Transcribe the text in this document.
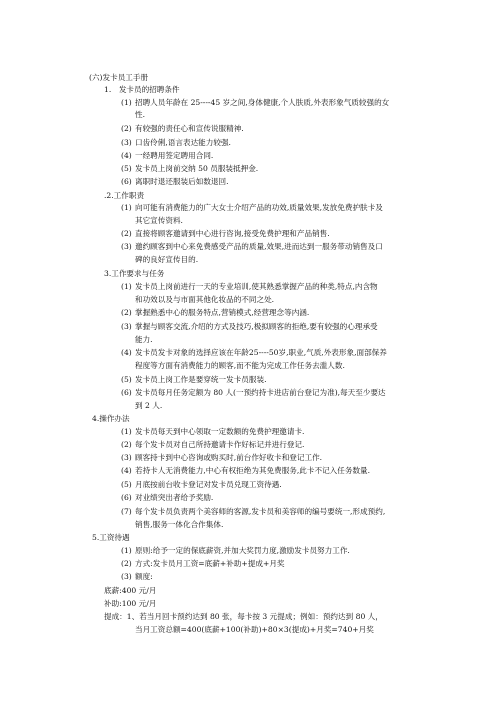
(六)发卡员工手册
1.　发卡员的招聘条件
(1) 招聘人员年龄在 25----45 岁之间,身体健康,个人肤质,外表形象气质较强的女
性.
(2) 有较强的责任心和宣传说服精神.
(3) 口齿伶俐,语言表达能力较强.
(4) 一经聘用签定聘用合同.
(5) 发卡员上岗前交纳 50 员服装抵押金.
(6) 离职时退还服装后如数退回.
.2.工作职责
(1) 向可能有消费能力的广大女士介绍产品的功效,质量效果,发放免费护肤卡及
其它宣传资料.
(2) 直接将顾客邀请到中心进行咨询,接受免费护理和产品销售.
(3) 邀约顾客到中心来免费感受产品的质量,效果,进而达到一服务带动销售及口
碑的良好宣传目的.
3.工作要求与任务
(1) 发卡员上岗前进行一天的专业培训,使其熟悉掌握产品的种类,特点,内含物
和功效以及与市面其他化妆品的不同之处.
(2) 掌握熟悉中心的服务特点,营销模式,经营理念等内涵.
(3) 掌握与顾客交流,介绍的方式及技巧,极拟顾客的拒绝,要有较强的心理承受
能力.
(4) 发卡员发卡对象的选择应该在年龄25----50岁,职业,气质,外表形象,面部保养
程度等方面有消费能力的顾客,而不能为完成工作任务去滥人数.
(5) 发卡员上岗工作是要穿统一发卡员服装.
(6) 发卡员每月任务定额为 80 人(一预约持卡进店前台登记为准),每天至少要达
到 2 人.
4.操作办法
(1) 发卡员每天到中心领取一定数额的免费护理邀请卡.
(2) 每个发卡员对自己所持邀请卡作好标记并进行登记.
(3) 顾客持卡到中心咨询或购买时,前台作好收卡和登记工作.
(4) 若持卡人无消费能力,中心有权拒绝为其免费服务,此卡不记入任务数量.
(5) 月底按前台收卡登记对发卡员兑现工资待遇.
(6) 对业绩突出者给予奖励.
(7) 每个发卡员负责两个美容师的客源,发卡员和美容师的编号要统一,形成预约,
销售,服务一体化合作集体.
5.工资待遇
(1) 原则:给予一定的保底薪资,并加大奖罚力度,激励发卡员努力工作.
(2) 方式:发卡员月工资=底薪+补助+提成+月奖
(3) 额度:
底薪:400 元/月
补助:100 元/月
提成：1、若当月回卡预约达到 80 张，每卡按 3 元提成；例如：预约达到 80 人，
当月工资总额=400(底薪+100(补助)+80×3(提成)+月奖=740+月奖
